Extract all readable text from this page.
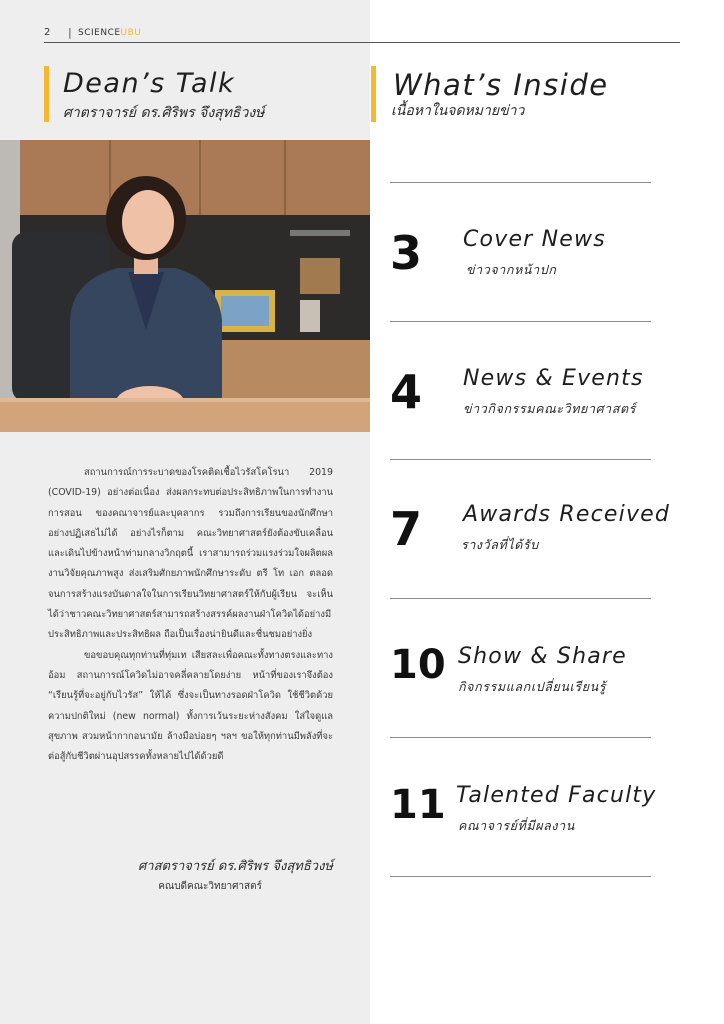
2 | SCIENCEUBU
Dean’s Talk
ศาตราจารย์ ดร.ศิริพร จึงสุทธิวงษ์

สถานการณ์การระบาดของโรคติดเชื้อไวรัสโคโรนา 2019 (COVID-19) อย่างต่อเนื่อง ส่งผลกระทบต่อประสิทธิภาพในการทำงาน การสอน ของคณาจารย์และบุคลากร รวมถึงการเรียนของนักศึกษา อย่างปฏิเสธไม่ได้ อย่างไรก็ตาม คณะวิทยาศาสตร์ยังต้องขับเคลื่อน และเดินไปข้างหน้าท่ามกลางวิกฤตนี้ เราสามารถร่วมแรงร่วมใจผลิตผลงานวิจัยคุณภาพสูง ส่งเสริมศักยภาพนักศึกษาระดับ ตรี โท เอก ตลอดจนการสร้างแรงบันดาลใจในการเรียนวิทยาศาสตร์ให้กับผู้เรียน จะเห็นได้ว่าชาวคณะวิทยาศาสตร์สามารถสร้างสรรค์ผลงานฝ่าโควิดได้อย่างมีประสิทธิภาพและประสิทธิผล ถือเป็นเรื่องน่ายินดีและชื่นชมอย่างยิ่ง

ขอขอบคุณทุกท่านที่ทุ่มเท เสียสละเพื่อคณะทั้งทางตรงและทางอ้อม สถานการณ์โควิดไม่อาจคลี่คลายโดยง่าย หน้าที่ของเราจึงต้อง “เรียนรู้ที่จะอยู่กับไวรัส” ให้ได้ ซึ่งจะเป็นทางรอดฝ่าโควิด ใช้ชีวิตด้วยความปกติใหม่ (new normal) ทั้งการเว้นระยะห่างสังคม ใส่ใจดูแลสุขภาพ สวมหน้ากากอนามัย ล้างมือบ่อยๆ ฯลฯ ขอให้ทุกท่านมีพลังที่จะต่อสู้กับชีวิตผ่านอุปสรรคทั้งหลายไปได้ด้วยดี

ศาสตราจารย์ ดร.ศิริพร จึงสุทธิวงษ์
คณบดีคณะวิทยาศาสตร์
What’s Inside
เนื้อหาในจดหมายข่าว
3 Cover News
ข่าวจากหน้าปก
4 News & Events
ข่าวกิจกรรมคณะวิทยาศาสตร์
7 Awards Received
รางวัลที่ได้รับ
10 Show & Share
กิจกรรมแลกเปลี่ยนเรียนรู้
11 Talented Faculty
คณาจารย์ที่มีผลงาน
